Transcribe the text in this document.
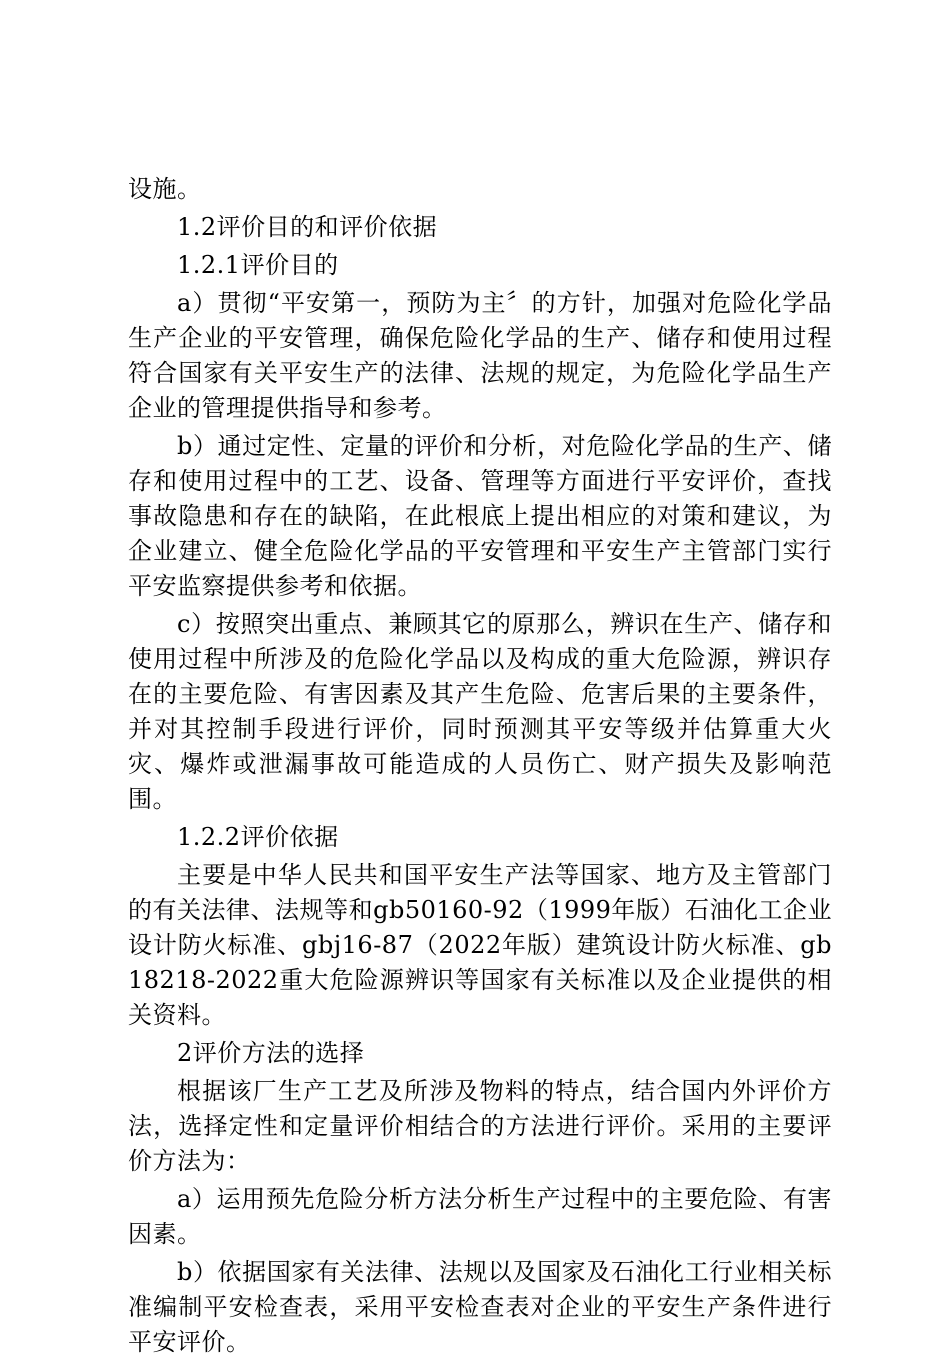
设施。

1.2评价目的和评价依据

1.2.1评价目的

a）贯彻“平安第一，预防为主〞的方针，加强对危险化学品生产企业的平安管理，确保危险化学品的生产、储存和使用过程符合国家有关平安生产的法律、法规的规定，为危险化学品生产企业的管理提供指导和参考。

b）通过定性、定量的评价和分析，对危险化学品的生产、储存和使用过程中的工艺、设备、管理等方面进行平安评价，查找事故隐患和存在的缺陷，在此根底上提出相应的对策和建议，为企业建立、健全危险化学品的平安管理和平安生产主管部门实行平安监察提供参考和依据。

c）按照突出重点、兼顾其它的原那么，辨识在生产、储存和使用过程中所涉及的危险化学品以及构成的重大危险源，辨识存在的主要危险、有害因素及其产生危险、危害后果的主要条件，并对其控制手段进行评价，同时预测其平安等级并估算重大火灾、爆炸或泄漏事故可能造成的人员伤亡、财产损失及影响范围。

1.2.2评价依据

主要是中华人民共和国平安生产法等国家、地方及主管部门的有关法律、法规等和gb50160-92（1999年版）石油化工企业设计防火标准、gbj16-87（2022年版）建筑设计防火标准、gb18218-2022重大危险源辨识等国家有关标准以及企业提供的相关资料。

2评价方法的选择

根据该厂生产工艺及所涉及物料的特点，结合国内外评价方法，选择定性和定量评价相结合的方法进行评价。采用的主要评价方法为：

a）运用预先危险分析方法分析生产过程中的主要危险、有害因素。

b）依据国家有关法律、法规以及国家及石油化工行业相关标准编制平安检查表，采用平安检查表对企业的平安生产条件进行平安评价。
